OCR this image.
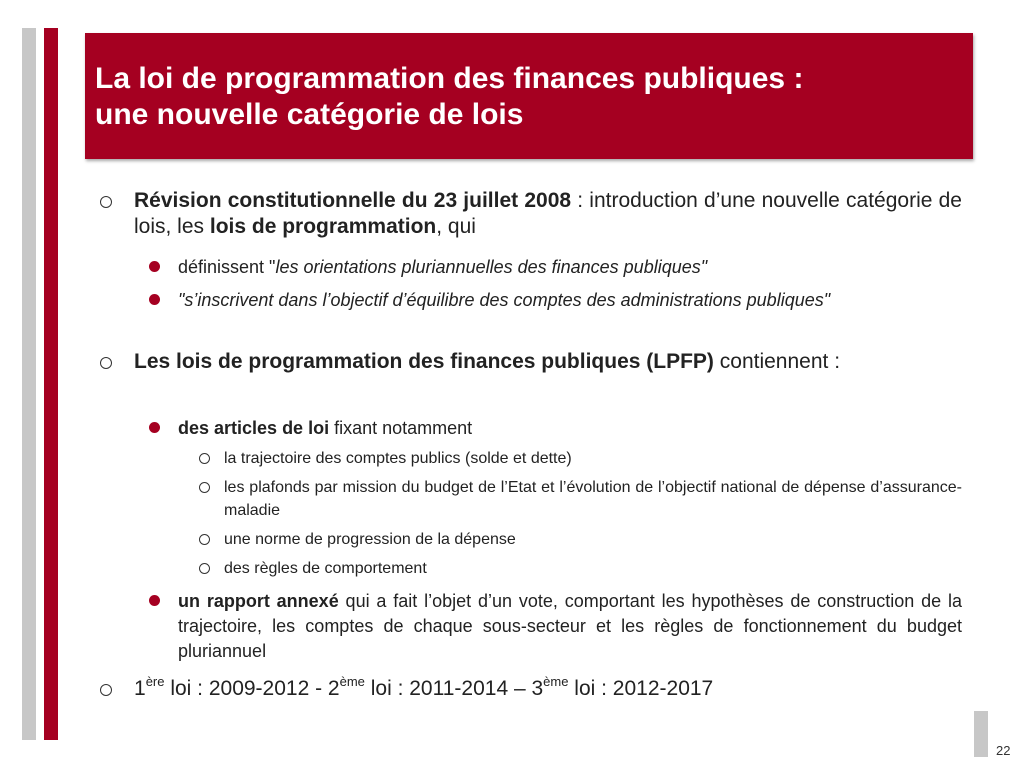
La loi de programmation des finances publiques :
une nouvelle catégorie de lois

Révision constitutionnelle du 23 juillet 2008 : introduction d’une nouvelle catégorie de lois, les lois de programmation, qui

définissent "les orientations pluriannuelles des finances publiques"

"s’inscrivent dans l’objectif d’équilibre des comptes des administrations publiques"

Les lois de programmation des finances publiques (LPFP) contiennent :

des articles de loi fixant notamment

la trajectoire des comptes publics (solde et dette)

les plafonds par mission du budget de l’Etat et l’évolution de l’objectif national de dépense d’assurance-maladie

une norme de progression de la dépense

des règles de comportement

un rapport annexé qui a fait l’objet d’un vote, comportant les hypothèses de construction de la trajectoire, les comptes de chaque sous-secteur et les règles de fonctionnement du budget pluriannuel

1ère loi : 2009-2012 - 2ème loi : 2011-2014 – 3ème loi : 2012-2017

22
